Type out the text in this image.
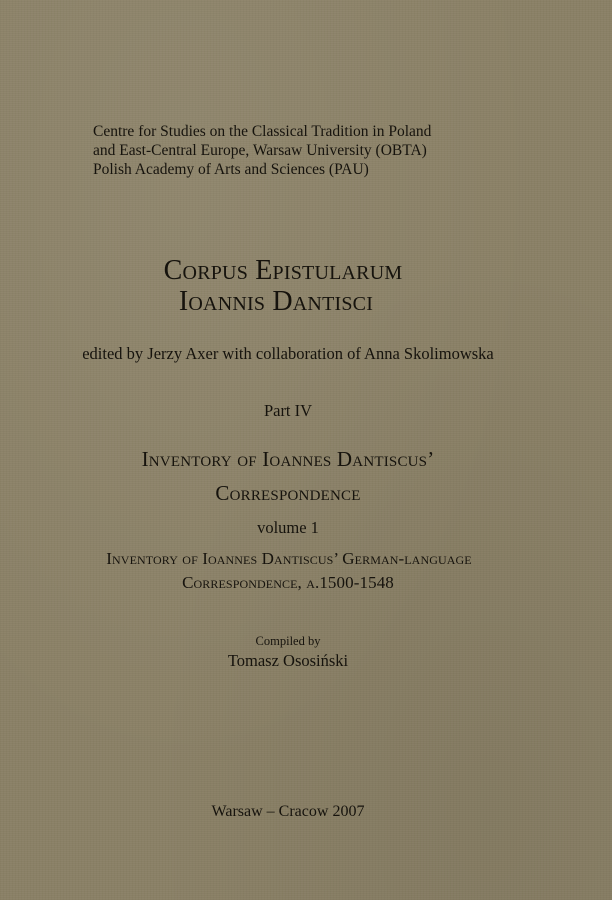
Centre for Studies on the Classical Tradition in Poland
and East-Central Europe, Warsaw University (OBTA)
Polish Academy of Arts and Sciences (PAU)
Corpus Epistularum
Ioannis Dantisci
edited by Jerzy Axer with collaboration of Anna Skolimowska
Part IV
Inventory of Ioannes Dantiscus’
Correspondence
volume 1
Inventory of Ioannes Dantiscus’ German-language
Correspondence, a.1500-1548
Compiled by
Tomasz Ososiński
Warsaw – Cracow 2007
